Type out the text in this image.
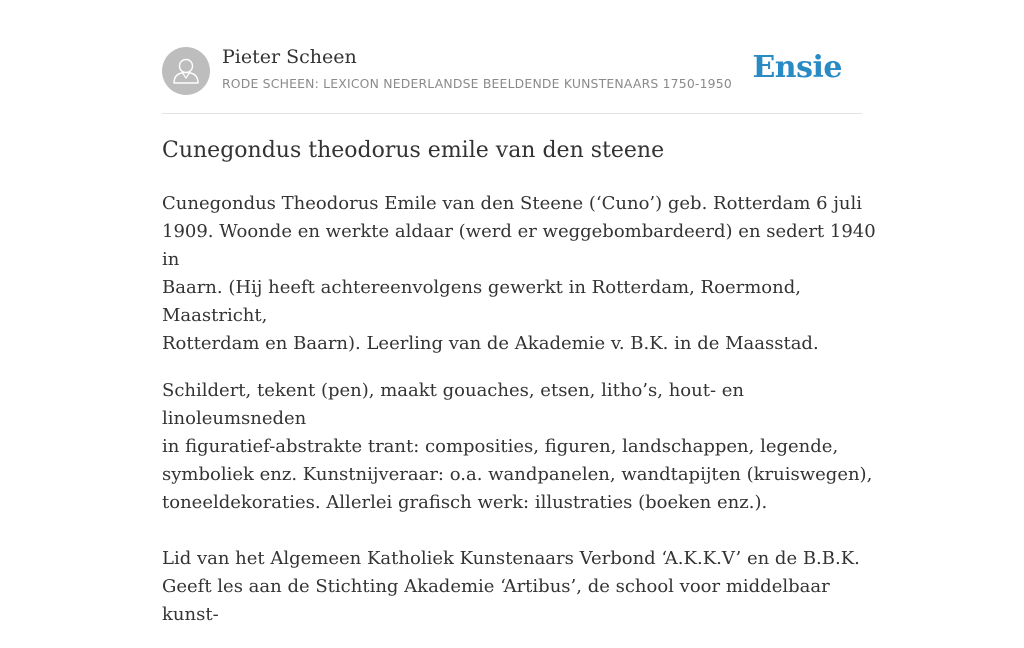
Pieter Scheen
RODE SCHEEN: LEXICON NEDERLANDSE BEELDENDE KUNSTENAARS 1750-1950 Ensie
Cunegondus theodorus emile van den steene

Cunegondus Theodorus Emile van den Steene (‘Cuno’) geb. Rotterdam 6 juli
1909. Woonde en werkte aldaar (werd er weggebombardeerd) en sedert 1940 in
Baarn. (Hij heeft achtereenvolgens gewerkt in Rotterdam, Roermond, Maastricht,
Rotterdam en Baarn). Leerling van de Akademie v. B.K. in de Maasstad.

Schildert, tekent (pen), maakt gouaches, etsen, litho’s, hout- en linoleumsneden
in figuratief-abstrakte trant: composities, figuren, landschappen, legende,
symboliek enz. Kunstnijveraar: o.a. wandpanelen, wandtapijten (kruiswegen),
toneeldekoraties. Allerlei grafisch werk: illustraties (boeken enz.).

Lid van het Algemeen Katholiek Kunstenaars Verbond ‘A.K.K.V’ en de B.B.K.
Geeft les aan de Stichting Akademie ‘Artibus’, de school voor middelbaar kunst-
